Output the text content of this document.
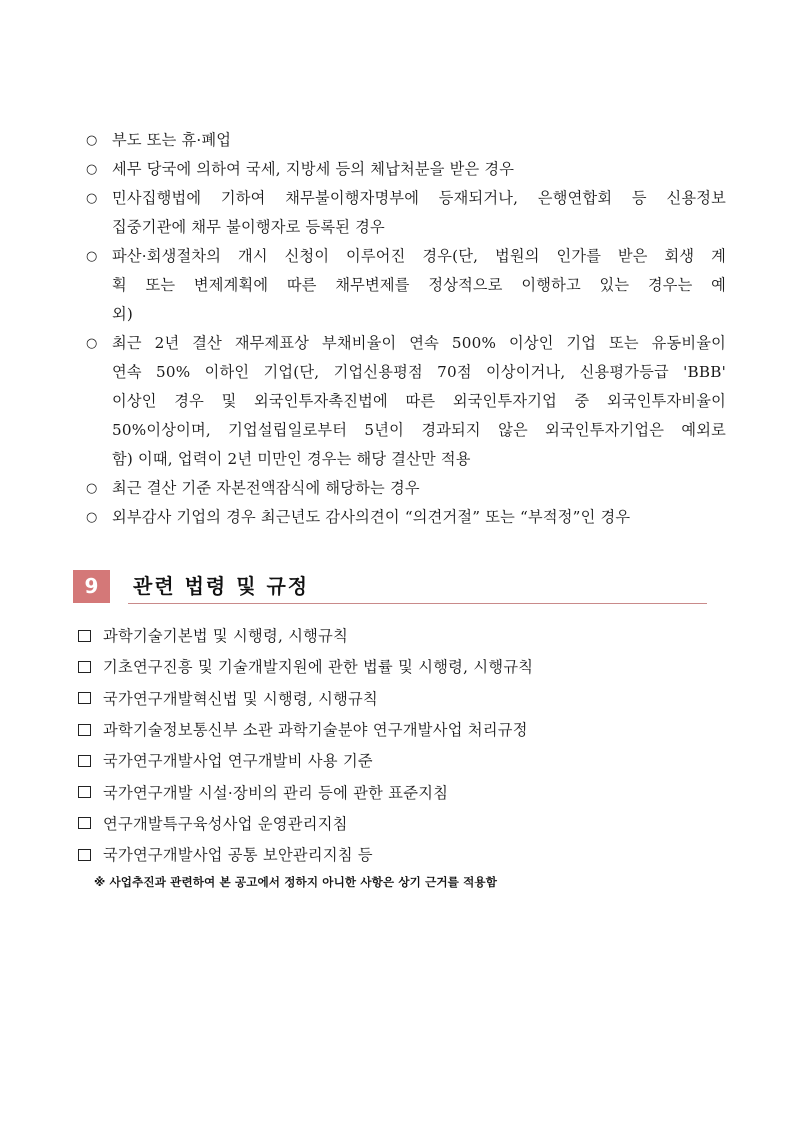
○ 부도 또는 휴·폐업
○ 세무 당국에 의하여 국세, 지방세 등의 체납처분을 받은 경우
○ 민사집행법에 기하여 채무불이행자명부에 등재되거나, 은행연합회 등 신용정보
집중기관에 채무 불이행자로 등록된 경우
○ 파산·회생절차의 개시 신청이 이루어진 경우(단, 법원의 인가를 받은 회생 계
획 또는 변제계획에 따른 채무변제를 정상적으로 이행하고 있는 경우는 예
외)
○ 최근 2년 결산 재무제표상 부채비율이 연속 500% 이상인 기업 또는 유동비율이
연속 50% 이하인 기업(단, 기업신용평점 70점 이상이거나, 신용평가등급 'BBB'
이상인 경우 및 외국인투자촉진법에 따른 외국인투자기업 중 외국인투자비율이
50%이상이며, 기업설립일로부터 5년이 경과되지 않은 외국인투자기업은 예외로
함) 이때, 업력이 2년 미만인 경우는 해당 결산만 적용
○ 최근 결산 기준 자본전액잠식에 해당하는 경우
○ 외부감사 기업의 경우 최근년도 감사의견이 “의견거절” 또는 “부적정”인 경우
9	관련 법령 및 규정
과학기술기본법 및 시행령, 시행규칙
기초연구진흥 및 기술개발지원에 관한 법률 및 시행령, 시행규칙
국가연구개발혁신법 및 시행령, 시행규칙
과학기술정보통신부 소관 과학기술분야 연구개발사업 처리규정
국가연구개발사업 연구개발비 사용 기준
국가연구개발 시설·장비의 관리 등에 관한 표준지침
연구개발특구육성사업 운영관리지침
국가연구개발사업 공통 보안관리지침 등
※ 사업추진과 관련하여 본 공고에서 정하지 아니한 사항은 상기 근거를 적용함
